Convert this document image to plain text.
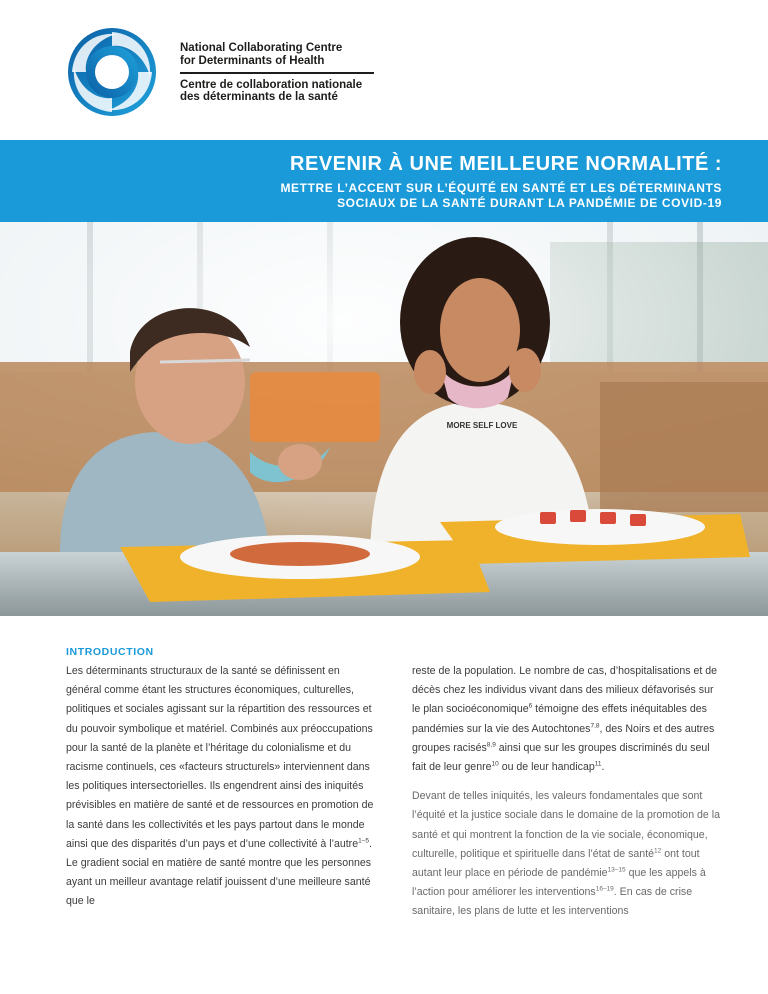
National Collaborating Centre
for Determinants of Health
Centre de collaboration nationale
des déterminants de la santé
REVENIR À UNE MEILLEURE NORMALITÉ :
METTRE L’ACCENT SUR L’ÉQUITÉ EN SANTÉ ET LES DÉTERMINANTS
SOCIAUX DE LA SANTÉ DURANT LA PANDÉMIE DE COVID-19
MORE SELF LOVE
INTRODUCTION

Les déterminants structuraux de la santé se définissent en général comme étant les structures économiques, culturelles, politiques et sociales agissant sur la répartition des ressources et du pouvoir symbolique et matériel. Combinés aux préoccupations pour la santé de la planète et l’héritage du colonialisme et du racisme continuels, ces «facteurs structurels» interviennent dans les politiques intersectorielles. Ils engendrent ainsi des iniquités prévisibles en matière de santé et de ressources en promotion de la santé dans les collectivités et les pays partout dans le monde ainsi que des disparités d’un pays et d’une collectivité à l’autre$^{1-5}$. Le gradient social en matière de santé montre que les personnes ayant un meilleur avantage relatif jouissent d’une meilleure santé que le

reste de la population. Le nombre de cas, d’hospitalisations et de décès chez les individus vivant dans des milieux défavorisés sur le plan socioéconomique$^6$ témoigne des effets inéquitables des pandémies sur la vie des Autochtones$^{7,8}$, des Noirs et des autres groupes racisés$^{8,9}$ ainsi que sur les groupes discriminés du seul fait de leur genre$^{10}$ ou de leur handicap$^{11}$.

Devant de telles iniquités, les valeurs fondamentales que sont l’équité et la justice sociale dans le domaine de la promotion de la santé et qui montrent la fonction de la vie sociale, économique, culturelle, politique et spirituelle dans l’état de santé$^{12}$ ont tout autant leur place en période de pandémie$^{13-15}$ que les appels à l’action pour améliorer les interventions$^{16-19}$. En cas de crise sanitaire, les plans de lutte et les interventions
